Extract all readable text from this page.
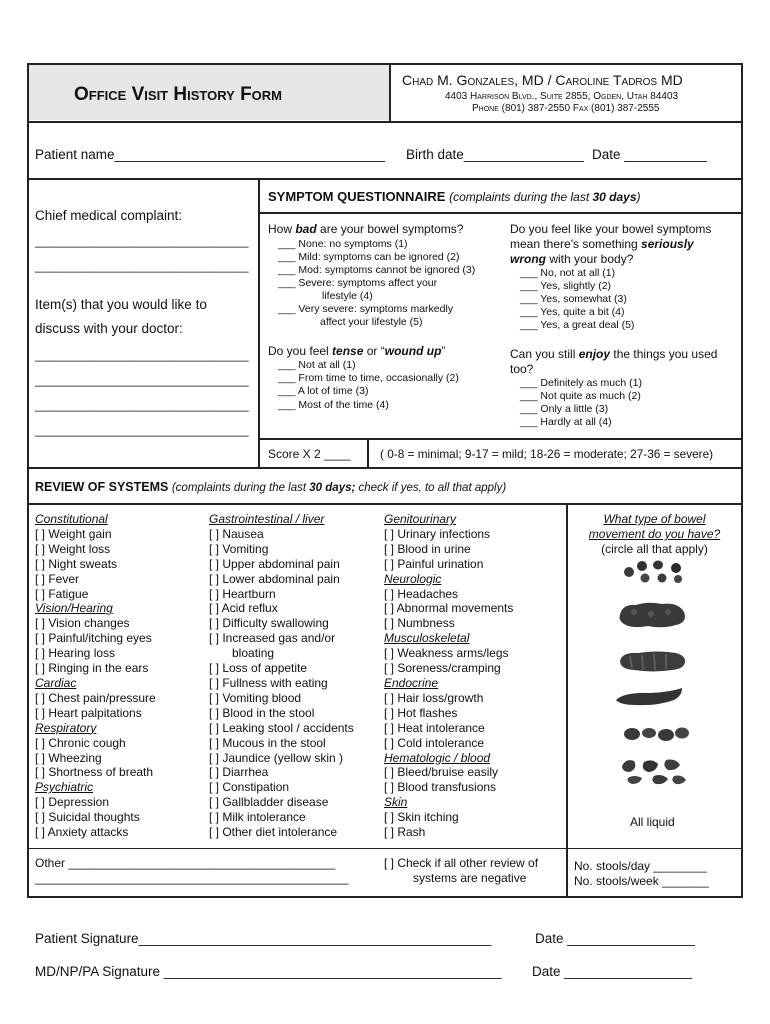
Office Visit History Form
Chad M. Gonzales, MD / Caroline Tadros MD
4403 Harrison Blvd., Suite 2855, Ogden, Utah 84403
Phone (801) 387-2550 Fax (801) 387-2555
Patient name____________________________________ Birth date________________ Date ___________
Chief medical complaint:
________________________________
________________________________
Item(s) that you would like to
discuss with your doctor:
________________________________
________________________________
________________________________
________________________________
SYMPTOM QUESTIONNAIRE (complaints during the last 30 days)
How bad are your bowel symptoms?
___ None: no symptoms (1)
___ Mild: symptoms can be ignored (2)
___ Mod: symptoms cannot be ignored (3)
___ Severe: symptoms affect your
lifestyle (4)
___ Very severe: symptoms markedly
affect your lifestyle (5)
Do you feel like your bowel symptoms
mean there's something seriously
wrong with your body?
___ No, not at all (1)
___ Yes, slightly (2)
___ Yes, somewhat (3)
___ Yes, quite a bit (4)
___ Yes, a great deal (5)
Do you feel tense or “wound up”
___ Not at all (1)
___ From time to time, occasionally (2)
___ A lot of time (3)
___ Most of the time (4)
Can you still enjoy the things you used
too?
___ Definitely as much (1)
___ Not quite as much (2)
___ Only a little (3)
___ Hardly at all (4)
Score X 2 ____ ( 0-8 = minimal; 9-17 = mild; 18-26 = moderate; 27-36 = severe)
REVIEW OF SYSTEMS (complaints during the last 30 days; check if yes, to all that apply)
Constitutional
[ ] Weight gain
[ ] Weight loss
[ ] Night sweats
[ ] Fever
[ ] Fatigue
Vision/Hearing
[ ] Vision changes
[ ] Painful/itching eyes
[ ] Hearing loss
[ ] Ringing in the ears
Cardiac
[ ] Chest pain/pressure
[ ] Heart palpitations
Respiratory
[ ] Chronic cough
[ ] Wheezing
[ ] Shortness of breath
Psychiatric
[ ] Depression
[ ] Suicidal thoughts
[ ] Anxiety attacks
Gastrointestinal / liver
[ ] Nausea
[ ] Vomiting
[ ] Upper abdominal pain
[ ] Lower abdominal pain
[ ] Heartburn
[ ] Acid reflux
[ ] Difficulty swallowing
[ ] Increased gas and/or
bloating
[ ] Loss of appetite
[ ] Fullness with eating
[ ] Vomiting blood
[ ] Blood in the stool
[ ] Leaking stool / accidents
[ ] Mucous in the stool
[ ] Jaundice (yellow skin )
[ ] Diarrhea
[ ] Constipation
[ ] Gallbladder disease
[ ] Milk intolerance
[ ] Other diet intolerance
Genitourinary
[ ] Urinary infections
[ ] Blood in urine
[ ] Painful urination
Neurologic
[ ] Headaches
[ ] Abnormal movements
[ ] Numbness
Musculoskeletal
[ ] Weakness arms/legs
[ ] Soreness/cramping
Endocrine
[ ] Hair loss/growth
[ ] Hot flashes
[ ] Heat intolerance
[ ] Cold intolerance
Hematologic / blood
[ ] Bleed/bruise easily
[ ] Blood transfusions
Skin
[ ] Skin itching
[ ] Rash
What type of bowel
movement do you have?
(circle all that apply)
All liquid
Other ________________________________________
_______________________________________________
[ ] Check if all other review of
systems are negative
No. stools/day ________
No. stools/week _______
Patient Signature_______________________________________________	Date _________________
MD/NP/PA Signature _____________________________________________ Date _________________
